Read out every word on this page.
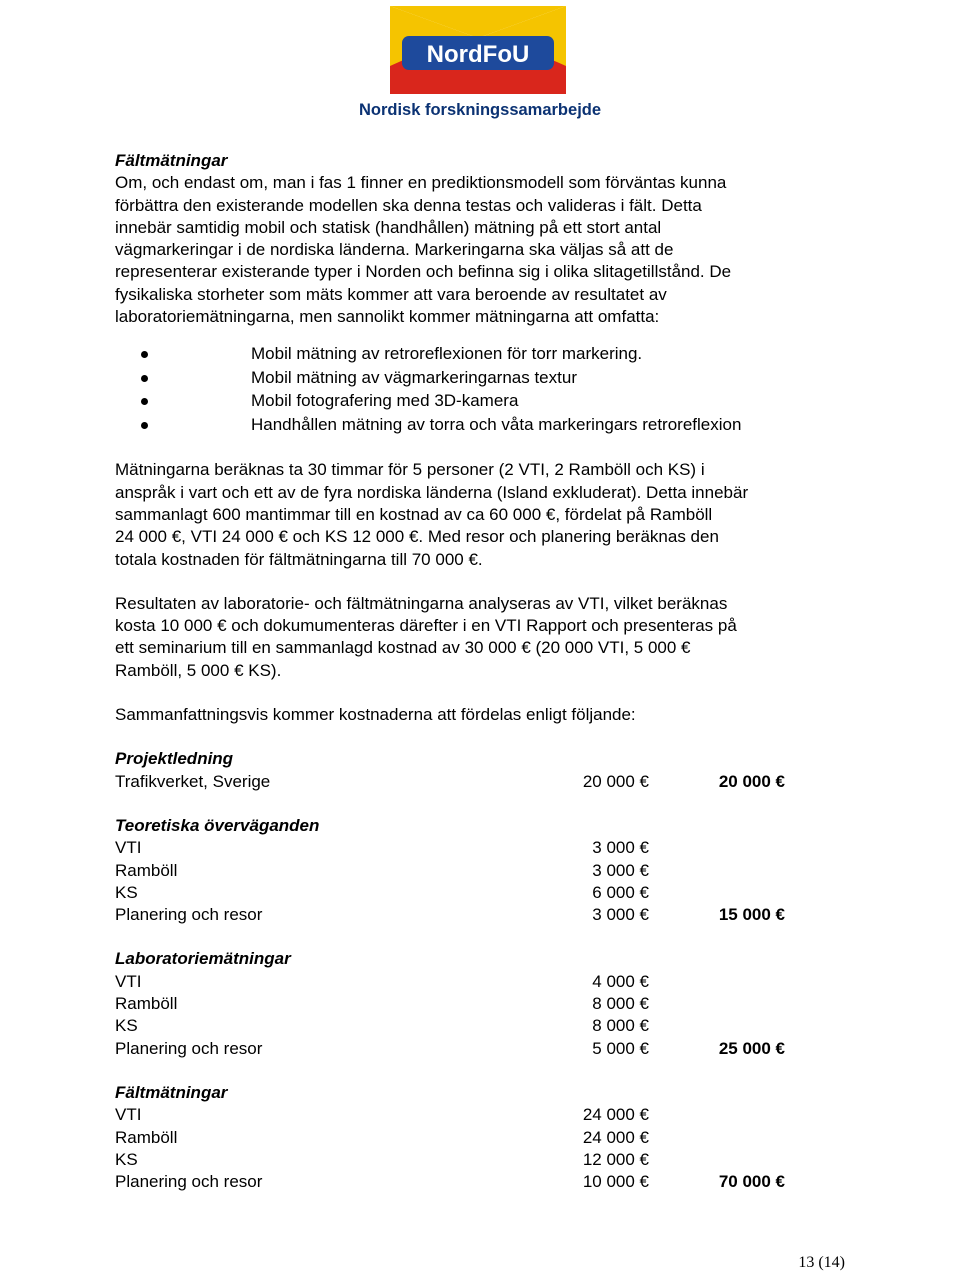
NordFoU
Nordisk forskningssamarbejde

Fältmätningar

Om, och endast om, man i fas 1 finner en prediktionsmodell som förväntas kunna

förbättra den existerande modellen ska denna testas och valideras i fält. Detta

innebär samtidig mobil och statisk (handhållen) mätning på ett stort antal

vägmarkeringar i de nordiska länderna. Markeringarna ska väljas så att de

representerar existerande typer i Norden och befinna sig i olika slitagetillstånd. De

fysikaliska storheter som mäts kommer att vara beroende av resultatet av

laboratoriemätningarna, men sannolikt kommer mätningarna att omfatta:

Mobil mätning av retroreflexionen för torr markering.
Mobil mätning av vägmarkeringarnas textur
Mobil fotografering med 3D-kamera
Handhållen mätning av torra och våta markeringars retroreflexion

Mätningarna beräknas ta 30 timmar för 5 personer (2 VTI, 2 Ramböll och KS) i

anspråk i vart och ett av de fyra nordiska länderna (Island exkluderat). Detta innebär

sammanlagt 600 mantimmar till en kostnad av ca 60 000 €, fördelat på Ramböll

24 000 €, VTI 24 000 € och KS 12 000 €. Med resor och planering beräknas den

totala kostnaden för fältmätningarna till 70 000 €.

Resultaten av laboratorie- och fältmätningarna analyseras av VTI, vilket beräknas

kosta 10 000 € och dokumumenteras därefter i en VTI Rapport och presenteras på

ett seminarium till en sammanlagd kostnad av 30 000 € (20 000 VTI, 5 000 €

Ramböll, 5 000 € KS).

Sammanfattningsvis kommer kostnaderna att fördelas enligt följande:

Projektledning
Trafikverket, Sverige	20 000 €	20 000 €
Teoretiska överväganden
VTI	3 000 €
Ramböll	3 000 €
KS	6 000 €
Planering och resor	3 000 €	15 000 €
Laboratoriemätningar
VTI	4 000 €
Ramböll	8 000 €
KS	8 000 €
Planering och resor	5 000 €	25 000 €
Fältmätningar
VTI	24 000 €
Ramböll	24 000 €
KS	12 000 €
Planering och resor	10 000 €	70 000 €
13 (14)
